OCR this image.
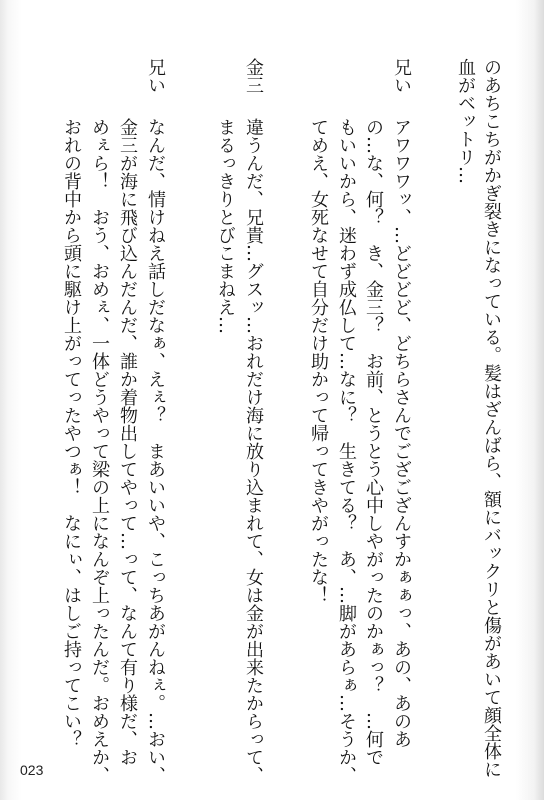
のあちこちがかぎ裂きになっている。髪はざんばら、額にバックリと傷があいて顔全体に

血がベットリ…

兄い

アワワワッ、…どどどど、どちらさんでござござんすかぁぁっ、あの、あのあ

の…な、何？　き、金三？　お前、とうとう心中しやがったのかぁっ？　…何で

もいいから、迷わず成仏して…なに？　生きてる？　あ、…脚があらぁ…そうか、

てめえ、女死なせて自分だけ助かって帰ってきやがったな！

金三

違うんだ、兄貴…グスッ…おれだけ海に放り込まれて、女は金が出来たからって、

まるっきりとびこまねえ…

兄い

なんだ、情けねえ話しだなぁ、えぇ？　まあいいや、こっちあがんねぇ。…おい、

金三が海に飛び込んだんだ、誰か着物出してやって…って、なんて有り様だ、お

めぇら！　おう、おめぇ、一体どうやって梁の上になんぞ上ったんだ。おめえか、

おれの背中から頭に駆け上がってったやつぁ！　なにぃ、はしご持ってこい？

023
